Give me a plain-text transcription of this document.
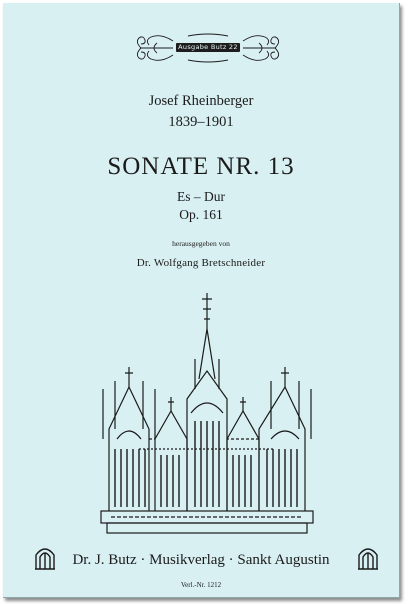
Ausgabe Butz 22
Josef Rheinberger
1839–1901
SONATE NR. 13
Es – Dur
Op. 161
herausgegeben von
Dr. Wolfgang Bretschneider
Dr. J. Butz · Musikverlag · Sankt Augustin
Verl.-Nr. 1212
